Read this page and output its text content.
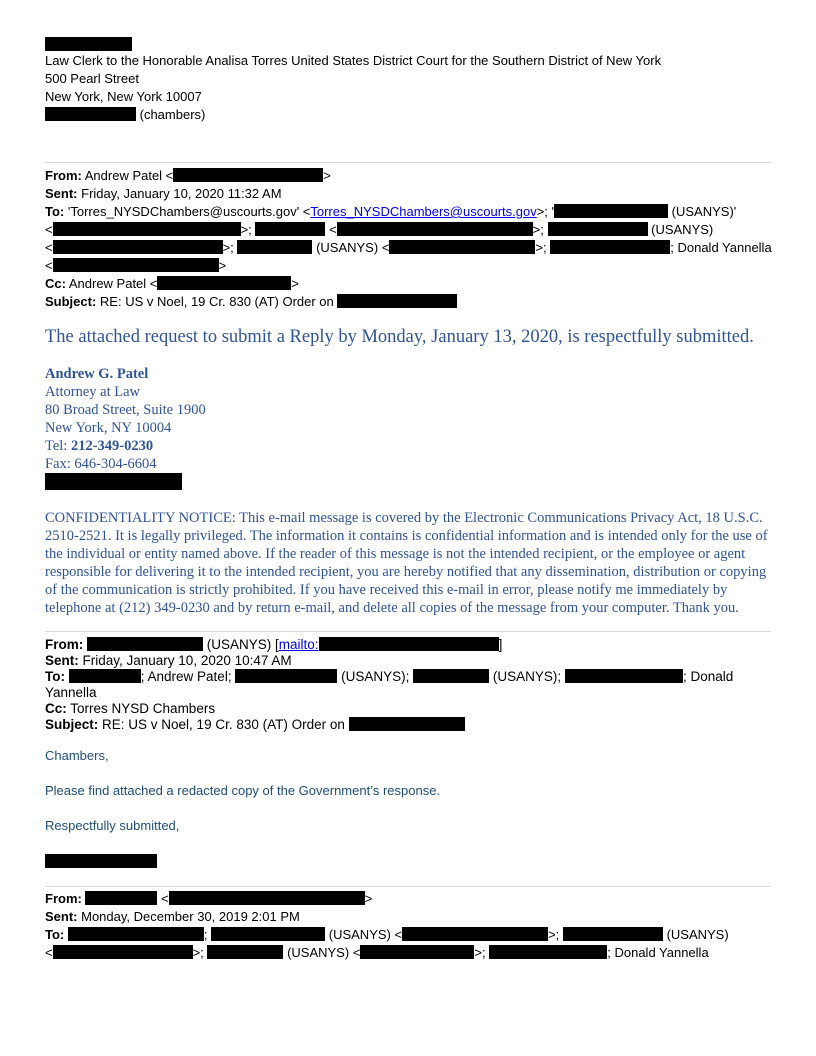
Law Clerk to the Honorable Analisa Torres United States District Court for the Southern District of New York
500 Pearl Street
New York, New York 10007
(chambers)
From: Andrew Patel <	>
Sent: Friday, January 10, 2020 11:32 AM
To: 'Torres_NYSDChambers@uscourts.gov' <Torres_NYSDChambers@uscourts.gov>; '	(USANYS)'
<	>;	<	>;	(USANYS)
<	>;	(USANYS) <	>;	; Donald Yannella
<	>
Cc: Andrew Patel <	>
Subject: RE: US v Noel, 19 Cr. 830 (AT) Order on
The attached request to submit a Reply by Monday, January 13, 2020, is respectfully submitted.
Andrew G. Patel
Attorney at Law
80 Broad Street, Suite 1900
New York, NY 10004
Tel: 212-349-0230
Fax: 646-304-6604
CONFIDENTIALITY NOTICE: This e-mail message is covered by the Electronic Communications Privacy Act, 18 U.S.C. 2510-2521. It is legally privileged. The information it contains is confidential information and is intended only for the use of the individual or entity named above. If the reader of this message is not the intended recipient, or the employee or agent responsible for delivering it to the intended recipient, you are hereby notified that any dissemination, distribution or copying of the communication is strictly prohibited. If you have received this e-mail in error, please notify me immediately by telephone at (212) 349-0230 and by return e-mail, and delete all copies of the message from your computer. Thank you.
From:	(USANYS) [mailto:	]
Sent: Friday, January 10, 2020 10:47 AM
To:	; Andrew Patel;	(USANYS);	(USANYS);	; Donald
Yannella
Cc: Torres NYSD Chambers
Subject: RE: US v Noel, 19 Cr. 830 (AT) Order on
Chambers,
Please find attached a redacted copy of the Government’s response.
Respectfully submitted,
From:	<	>
Sent: Monday, December 30, 2019 2:01 PM
To:	;	(USANYS) <	>;	(USANYS)
<	>;	(USANYS) <	>;	; Donald Yannella
